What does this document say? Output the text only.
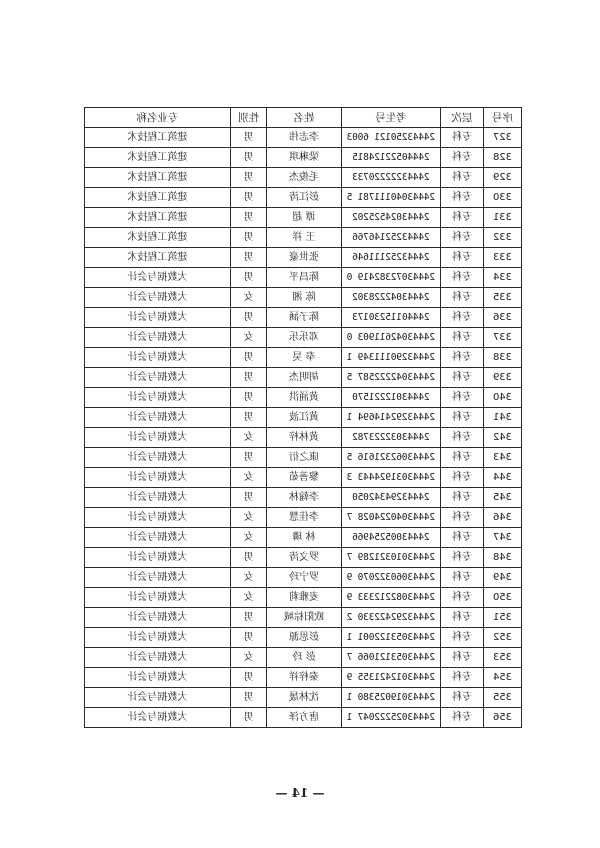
序号	层次	考生号	姓名	性别	专业名称
327	专科	24443250121 6003	李志伟	男	建筑工程技术
328	专科	24440522124815	梁琳琪	男	建筑工程技术
329	专科	24443222220733	毛俊杰	男	建筑工程技术
330	专科	24443040111781 5	彭江涛	男	建筑工程技术
331	专科	24443024525202	谭 超	男	建筑工程技术
332	专科	24443252146766	王 祥	男	建筑工程技术
333	专科	24443252111646	张世豪	男	建筑工程技术
334	专科	24443072382419 0	陈昌平	男	大数据与会计
335	专科	24443042228302	陈 湘	女	大数据与会计
336	专科	24440115230173	陈子涵	男	大数据与会计
337	专科	24443042611903 0	邓乐乐	女	大数据与会计
338	专科	24443290111349 1	奉 昊	男	大数据与会计
339	专科	24443042222587 5	胡明杰	男	大数据与会计
340	专科	24443012221570	黄涌洪	男	大数据与会计
341	专科	24443292414694 1	黄江波	男	大数据与会计
342	专科	24443032223782	黄林梓	女	大数据与会计
343	专科	24443062321616 5	康之衍	男	大数据与会计
344	专科	24443031924443 3	黎善茹	女	大数据与会计
345	专科	24443294342050	李翰林	男	大数据与会计
346	专科	24443040224028 7	李佳慧	女	大数据与会计
347	专科	24443005254966	林 璘	女	大数据与会计
348	专科	24443010321289 7	罗文涛	男	大数据与会计
349	专科	24443060322070 9	罗宁玲	女	大数据与会计
350	专科	24443082212333 9	麦雅莉	女	大数据与会计
351	专科	24443292422330 2	欧阳棕城	男	大数据与会计
352	专科	24443053122001 1	彭思源	男	大数据与会计
353	专科	24443053121066 7	彭 玲	女	大数据与会计
354	专科	24443012421355 9	秦梓祥	男	大数据与会计
355	专科	24443019025380 1	沈林晟	男	大数据与会计
356	专科	24443025222047 1	唐方泽	男	大数据与会计
— 14 —
